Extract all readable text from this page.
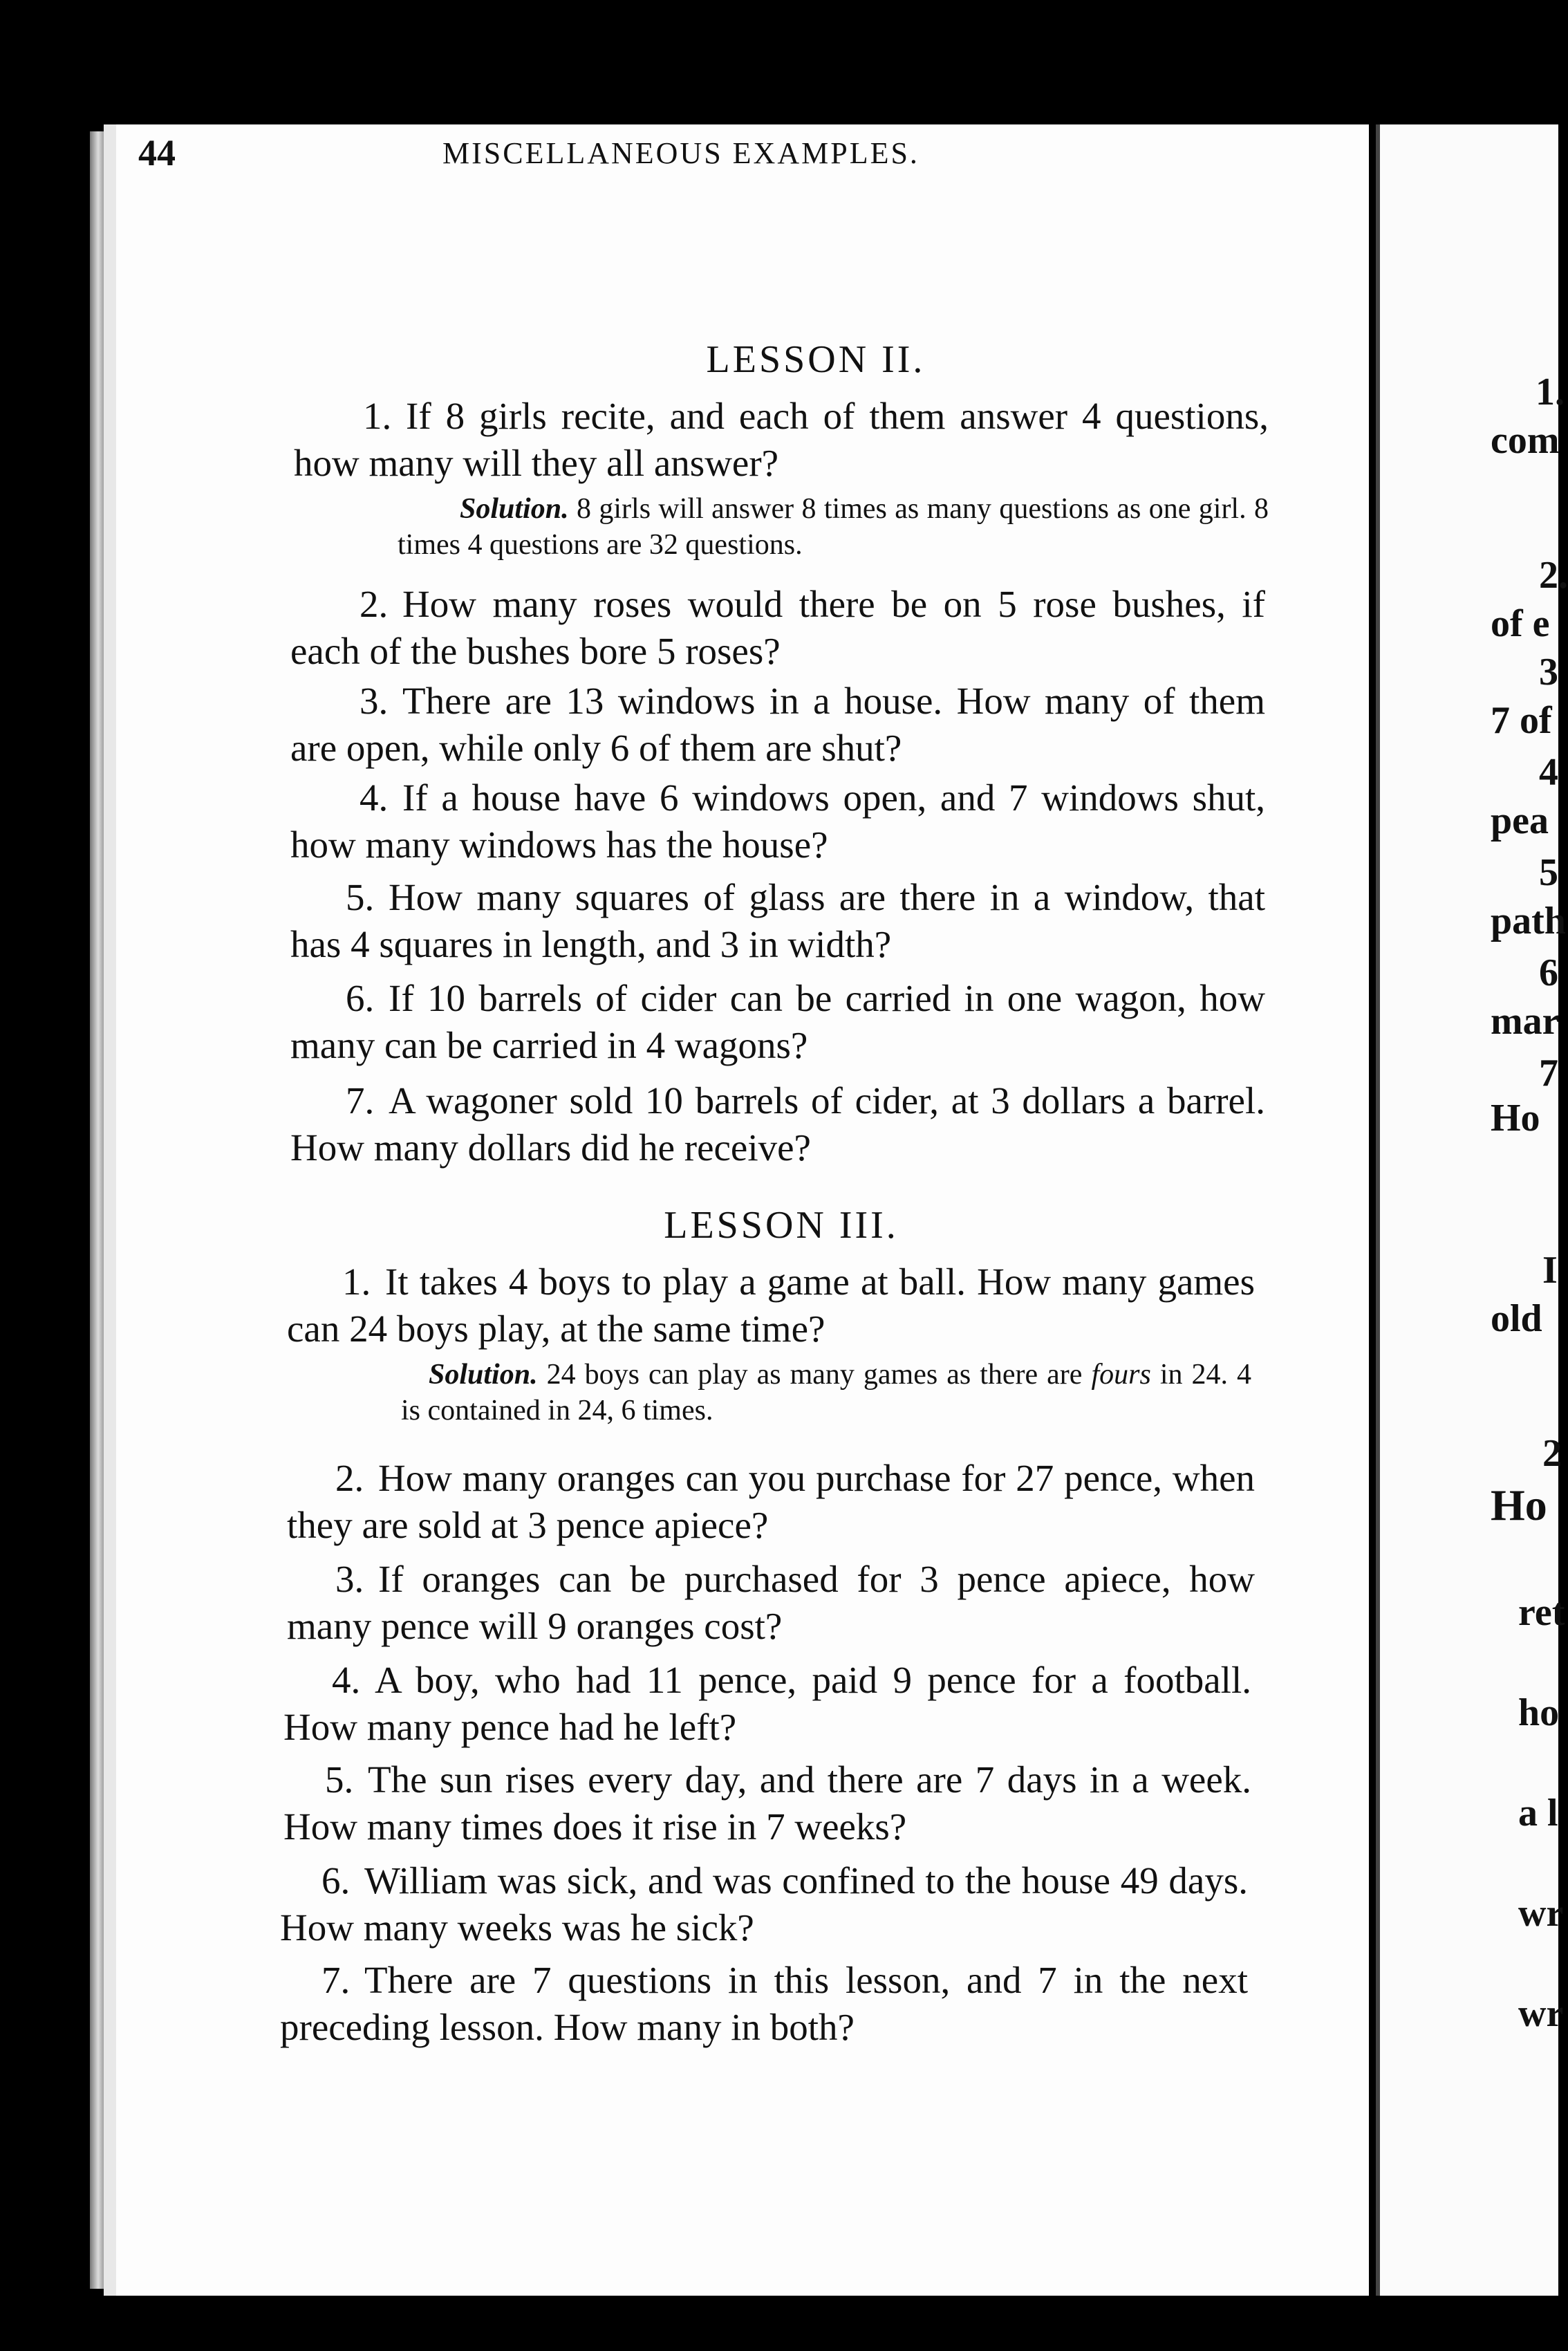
44	MISCELLANEOUS EXAMPLES.
LESSON II.
1. If 8 girls recite, and each of them answer 4 questions, how many will they all answer?
Solution. 8 girls will answer 8 times as many questions as one girl. 8 times 4 questions are 32 questions.
2. How many roses would there be on 5 rose bushes, if each of the bushes bore 5 roses?
3. There are 13 windows in a house. How many of them are open, while only 6 of them are shut?
4. If a house have 6 windows open, and 7 windows shut, how many windows has the house?
5. How many squares of glass are there in a window, that has 4 squares in length, and 3 in width?
6. If 10 barrels of cider can be carried in one wagon, how many can be carried in 4 wagons?
7. A wagoner sold 10 barrels of cider, at 3 dollars a barrel. How many dollars did he receive?
LESSON III.
1. It takes 4 boys to play a game at ball. How many games can 24 boys play, at the same time?
Solution. 24 boys can play as many games as there are fours in 24. 4 is contained in 24, 6 times.
2. How many oranges can you purchase for 27 pence, when they are sold at 3 pence apiece?
3. If oranges can be purchased for 3 pence apiece, how many pence will 9 oranges cost?
4. A boy, who had 11 pence, paid 9 pence for a football. How many pence had he left?
5. The sun rises every day, and there are 7 days in a week. How many times does it rise in 7 weeks?
6. William was sick, and was confined to the house 49 days. How many weeks was he sick?
7. There are 7 questions in this lesson, and 7 in the next preceding lesson. How many in both?
1.
com
2.
of e
3
7 of
4
pea
5
path
6
mar
7
Ho
I
old
2
Ho
ret
ho
a l
wr
wr
